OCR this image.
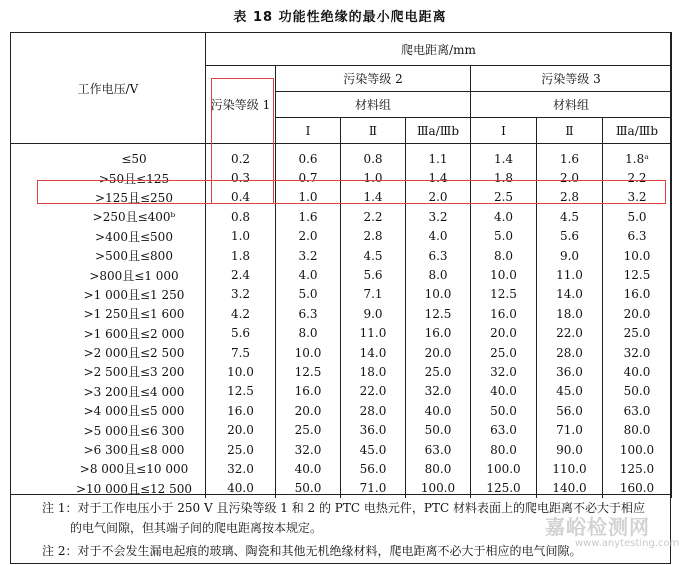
表 18 功能性绝缘的最小爬电距离
工作电压/V	爬电距离/mm						
	污染等级 1	污染等级 2			污染等级 3		
		材料组			材料组		
		Ⅰ	Ⅱ	Ⅲa/Ⅲb	Ⅰ	Ⅱ	Ⅲa/Ⅲb
≤50	0.2	0.6	0.8	1.1	1.4	1.6	1.8ᵃ
>50且≤125	0.3	0.7	1.0	1.4	1.8	2.0	2.2
>125且≤250	0.4	1.0	1.4	2.0	2.5	2.8	3.2
>250且≤400ᵇ	0.8	1.6	2.2	3.2	4.0	4.5	5.0
>400且≤500	1.0	2.0	2.8	4.0	5.0	5.6	6.3
>500且≤800	1.8	3.2	4.5	6.3	8.0	9.0	10.0
>800且≤1 000	2.4	4.0	5.6	8.0	10.0	11.0	12.5
>1 000且≤1 250	3.2	5.0	7.1	10.0	12.5	14.0	16.0
>1 250且≤1 600	4.2	6.3	9.0	12.5	16.0	18.0	20.0
>1 600且≤2 000	5.6	8.0	11.0	16.0	20.0	22.0	25.0
>2 000且≤2 500	7.5	10.0	14.0	20.0	25.0	28.0	32.0
>2 500且≤3 200	10.0	12.5	18.0	25.0	32.0	36.0	40.0
>3 200且≤4 000	12.5	16.0	22.0	32.0	40.0	45.0	50.0
>4 000且≤5 000	16.0	20.0	28.0	40.0	50.0	56.0	63.0
>5 000且≤6 300	20.0	25.0	36.0	50.0	63.0	71.0	80.0
>6 300且≤8 000	25.0	32.0	45.0	63.0	80.0	90.0	100.0
>8 000且≤10 000	32.0	40.0	56.0	80.0	100.0	110.0	125.0
>10 000且≤12 500	40.0	50.0	71.0	100.0	125.0	140.0	160.0
注 1：对于工作电压小于 250 V 且污染等级 1 和 2 的 PTC 电热元件，PTC 材料表面上的爬电距离不必大于相应
的电气间隙，但其端子间的爬电距离按本规定。
注 2：对于不会发生漏电起痕的玻璃、陶瓷和其他无机绝缘材料，爬电距离不必大于相应的电气间隙。
嘉峪检测网
www.anytesting.com
